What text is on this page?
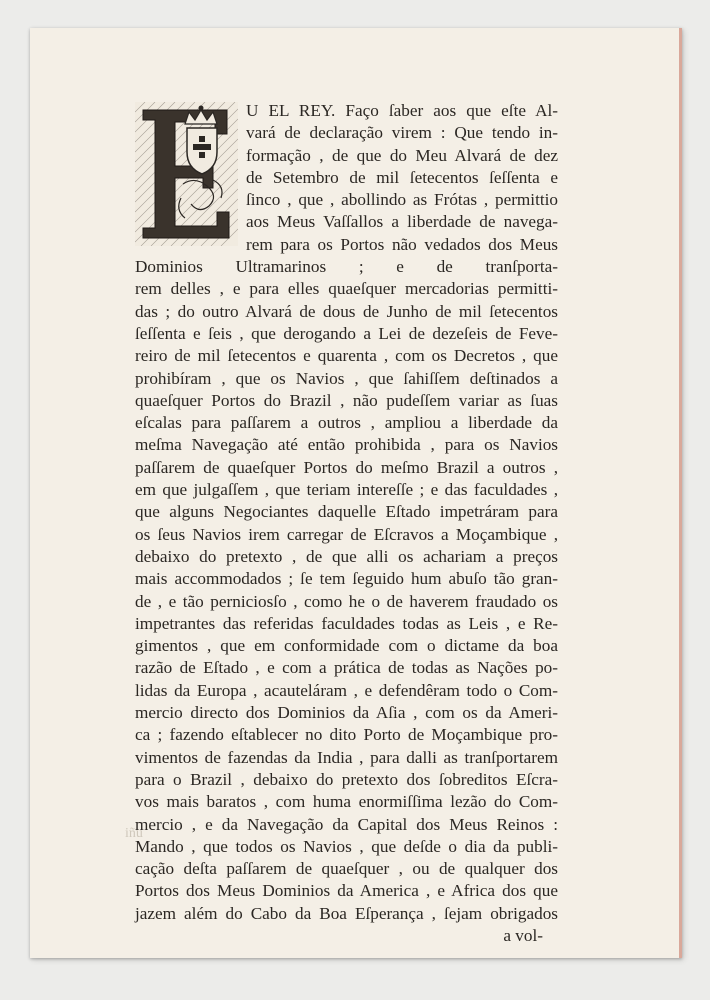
U EL REY. Faço ſaber aos que eſte Al-
vará de declaração virem : Que tendo in-
formação , de que do Meu Alvará de dez
de Setembro de mil ſetecentos ſeſſenta e
ſinco , que , abollindo as Frótas , permittio
aos Meus Vaſſallos a liberdade de navega-
rem para os Portos não vedados dos Meus
Dominios Ultramarinos ; e de tranſporta-
rem delles , e para elles quaeſquer mercadorias permitti-
das ; do outro Alvará de dous de Junho de mil ſetecentos
ſeſſenta e ſeis , que derogando a Lei de dezeſeis de Feve-
reiro de mil ſetecentos e quarenta , com os Decretos , que
prohibíram , que os Navios , que ſahiſſem deſtinados a
quaeſquer Portos do Brazil , não pudeſſem variar as ſuas
eſcalas para paſſarem a outros , ampliou a liberdade da
meſma Navegação até então prohibida , para os Navios
paſſarem de quaeſquer Portos do meſmo Brazil a outros ,
em que julgaſſem , que teriam intereſſe ; e das faculdades ,
que alguns Negociantes daquelle Eſtado impetráram para
os ſeus Navios irem carregar de Eſcravos a Moçambique ,
debaixo do pretexto , de que alli os achariam a preços
mais accommodados ; ſe tem ſeguido hum abuſo tão gran-
de , e tão perniciosſo , como he o de haverem fraudado os
impetrantes das referidas faculdades todas as Leis , e Re-
gimentos , que em conformidade com o dictame da boa
razão de Eſtado , e com a prática de todas as Nações po-
lidas da Europa , acauteláram , e defendêram todo o Com-
mercio directo dos Dominios da Aſia , com os da Ameri-
ca ; fazendo eſtablecer no dito Porto de Moçambique pro-
vimentos de fazendas da India , para dalli as tranſportarem
para o Brazil , debaixo do pretexto dos ſobreditos Eſcra-
vos mais baratos , com huma enormiſſima lezão do Com-
mercio , e da Navegação da Capital dos Meus Reinos :
Mando , que todos os Navios , que deſde o dia da publi-
cação deſta paſſarem de quaeſquer , ou de qualquer dos
Portos dos Meus Dominios da America , e Africa dos que
jazem além do Cabo da Boa Eſperança , ſejam obrigados
a vol-
iñu
